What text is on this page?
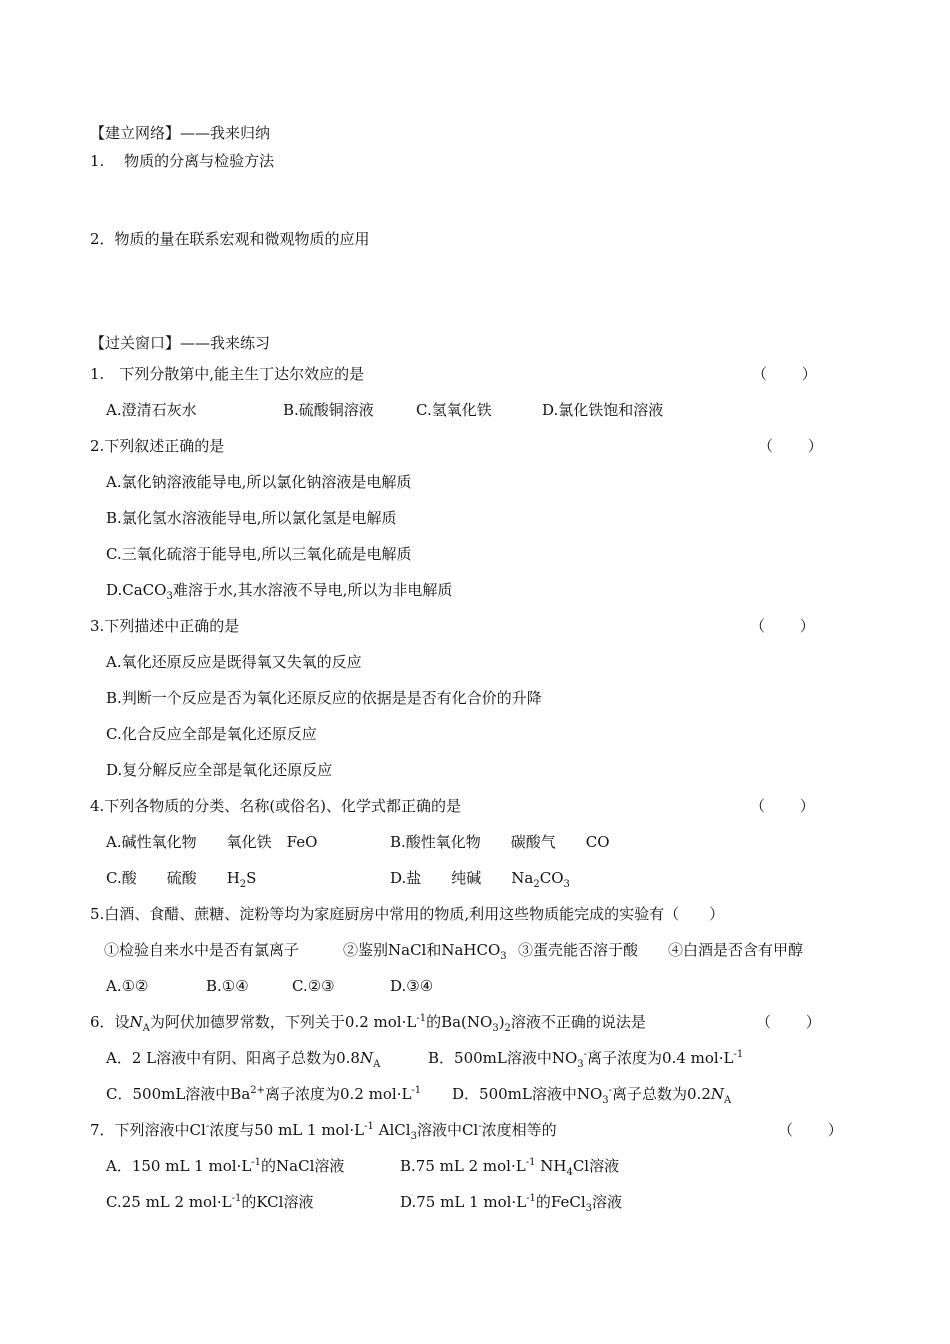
【建立网络】——我来归纳
1.　 物质的分离与检验方法
2．物质的量在联系宏观和微观物质的应用
【过关窗口】——我来练习
1.　下列分散第中,能主生丁达尔效应的是	（　　 ）
A.澄清石灰水	B.硫酸铜溶液	C.氢氧化铁	D.氯化铁饱和溶液
2.下列叙述正确的是	（　　 ）
A.氯化钠溶液能导电,所以氯化钠溶液是电解质
B.氯化氢水溶液能导电,所以氯化氢是电解质
C.三氧化硫溶于能导电,所以三氧化硫是电解质
D.CaCO$_3$难溶于水,其水溶液不导电,所以为非电解质
3.下列描述中正确的是	（　　 ）
A.氧化还原反应是既得氧又失氧的反应
B.判断一个反应是否为氧化还原反应的依据是是否有化合价的升降
C.化合反应全部是氧化还原反应
D.复分解反应全部是氧化还原反应
4.下列各物质的分类、名称(或俗名)、化学式都正确的是	（　　 ）
A.碱性氧化物　　氧化铁　FeO	B.酸性氧化物　　碳酸气　　CO
C.酸　　硫酸　　$H_2S$	D.盐　　纯碱　　$Na_2CO_3$
5.白酒、食醋、蔗糖、淀粉等均为家庭厨房中常用的物质,利用这些物质能完成的实验有（　　）
①检验自来水中是否有氯离子	②鉴别NaCl和NaHCO$_3$ ③蛋壳能否溶于酸 ④白酒是否含有甲醇
A.①②	B.①④	C.②③	D.③④
6．设$N_A$为阿伏加德罗常数，下列关于0.2 $mol\cdot L^{-1}$的$Ba(NO_3)_2$溶液不正确的说法是	（　　 ）
A．2 L溶液中有阴、阳离子总数为$0.8N_A$	B．500mL溶液中$NO_3^-$离子浓度为0.4 $mol\cdot L^{-1}$
C．500mL溶液中$Ba^{2+}$离子浓度为0.2 $mol\cdot L^{-1}$ D．500mL溶液中$NO_3^-$离子总数为$0.2N_A$
7．下列溶液中Cl-浓度与50 mL 1 $mol\cdot L^{-1}$ AlCl$_3$溶液中Cl-浓度相等的	（　　 ）
A．150 mL 1 $mol\cdot L^{-1}$的NaCl溶液	B.75 mL 2 $mol\cdot L^{-1}$ $NH_4Cl$溶液
C.25 mL 2 $mol\cdot L^{-1}$的KCl溶液	D.75 mL 1 $mol\cdot L^{-1}$的FeCl$_3$溶液
